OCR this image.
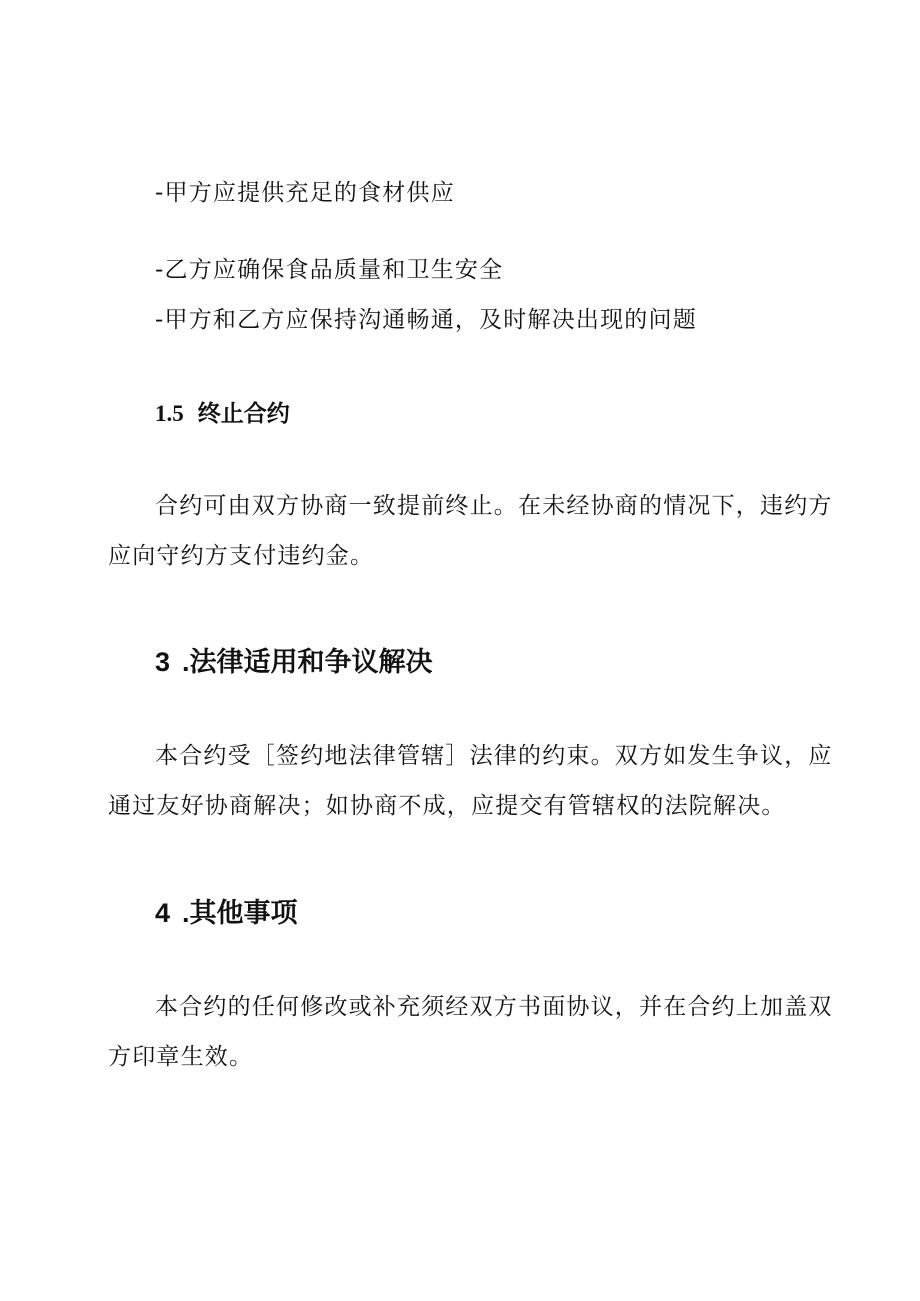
-甲方应提供充足的食材供应
-乙方应确保食品质量和卫生安全
-甲方和乙方应保持沟通畅通，及时解决出现的问题
1.5 终止合约
合约可由双方协商一致提前终止。在未经协商的情况下，违约方
应向守约方支付违约金。
3 .法律适用和争议解决
本合约受［签约地法律管辖］法律的约束。双方如发生争议，应
通过友好协商解决；如协商不成，应提交有管辖权的法院解决。
4 .其他事项
本合约的任何修改或补充须经双方书面协议，并在合约上加盖双
方印章生效。
